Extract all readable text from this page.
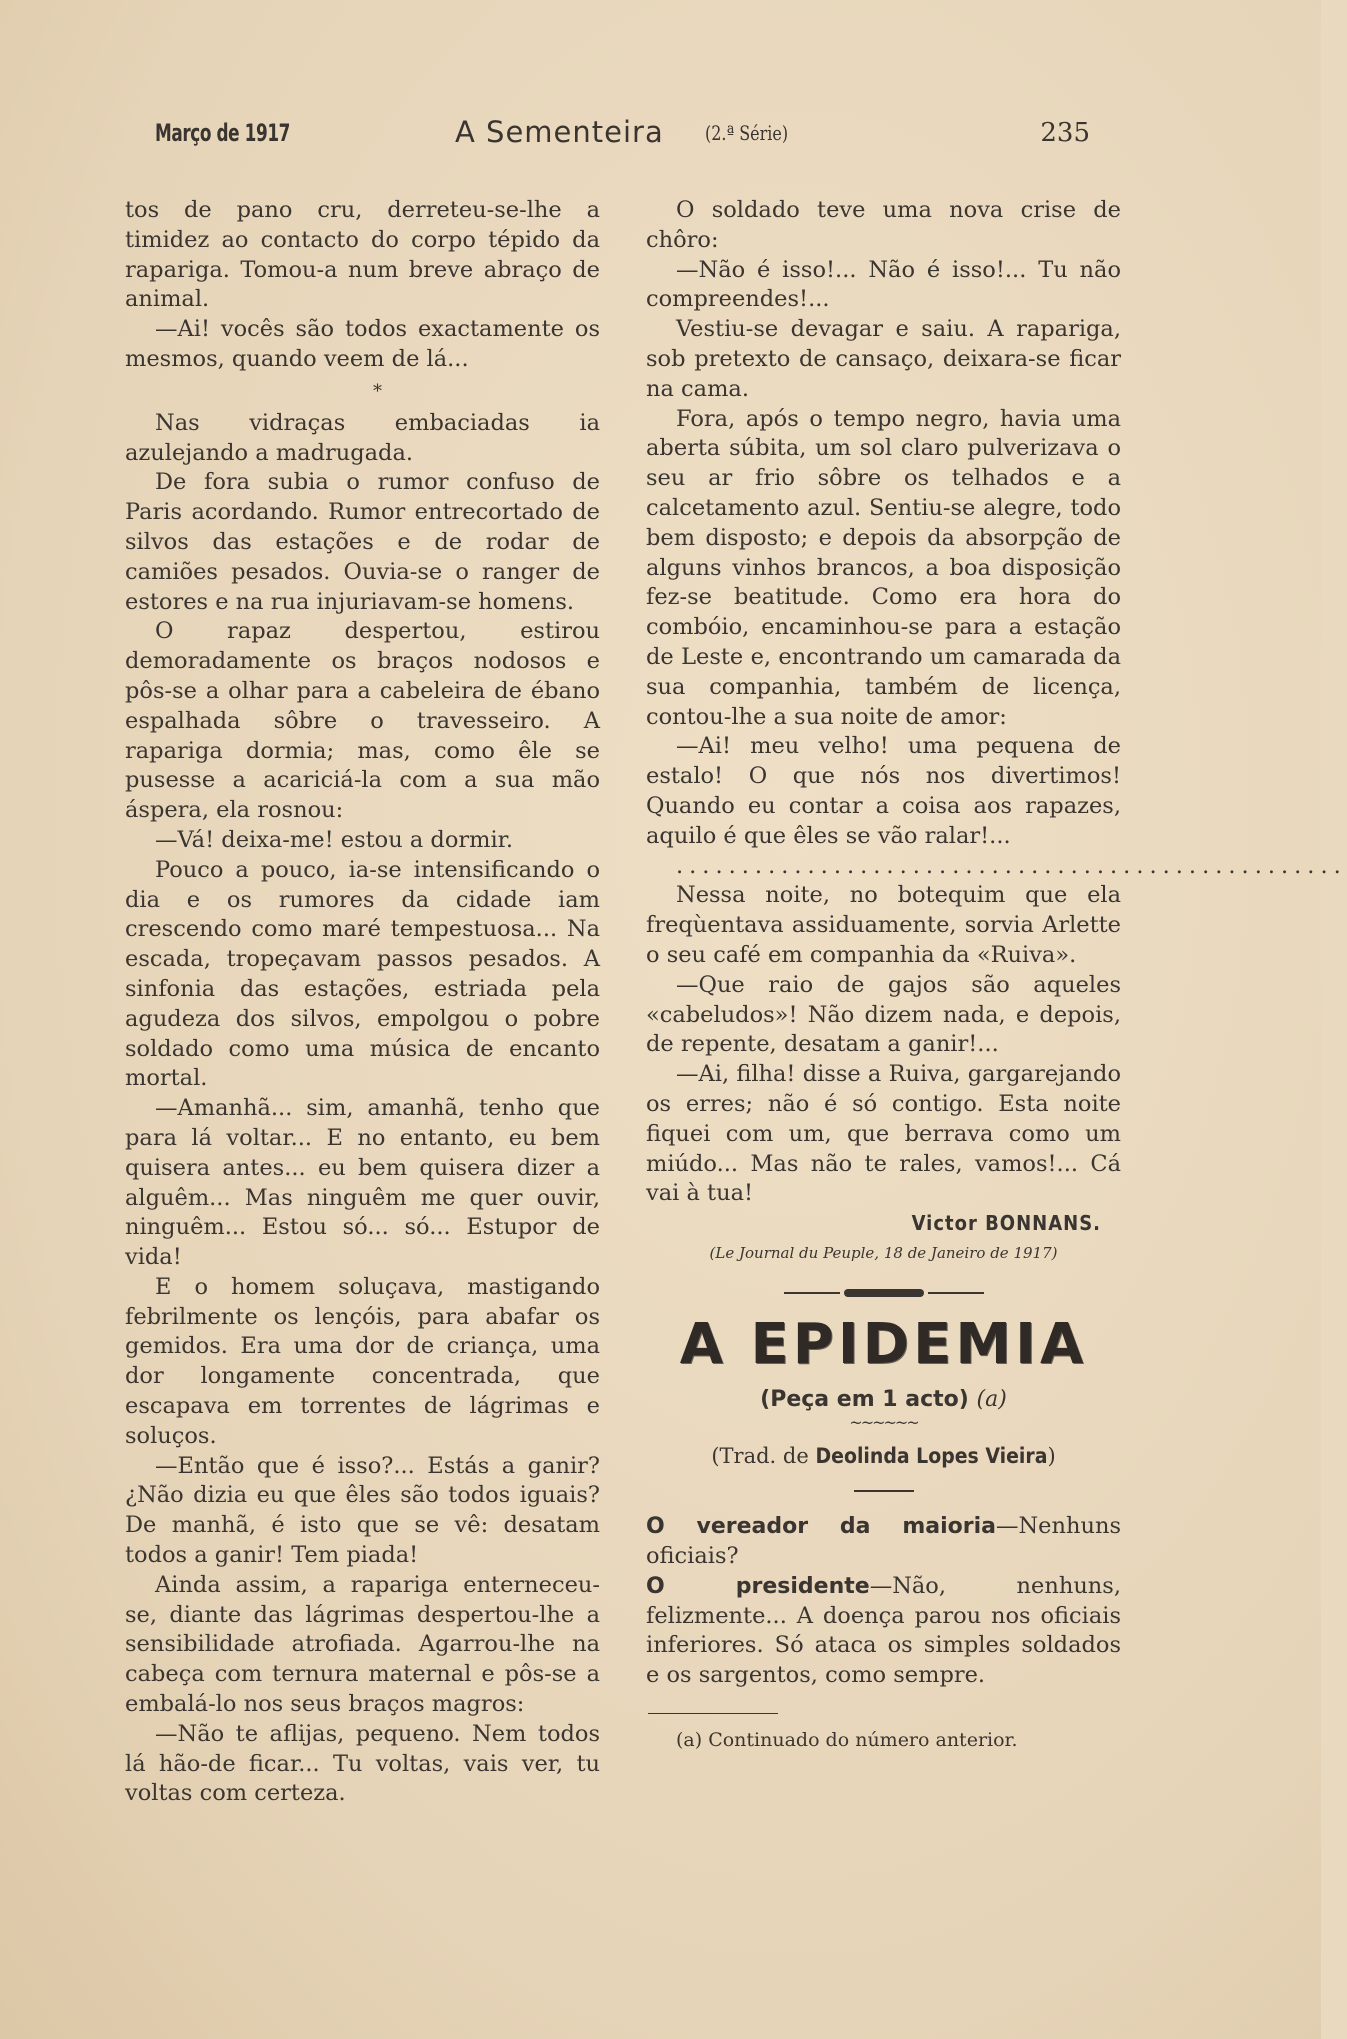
Março de 1917	A Sementeira (2.ª Série)	235

tos de pano cru, derreteu-se-lhe a timidez ao contacto do corpo tépido da rapariga. Tomou-a num breve abraço de animal.

—Ai! vocês são todos exactamente os mesmos, quando veem de lá...

*

Nas vidraças embaciadas ia azulejando a madrugada.

De fora subia o rumor confuso de Paris acordando. Rumor entrecortado de silvos das estações e de rodar de camiões pesados. Ouvia-se o ranger de estores e na rua injuriavam-se homens.

O rapaz despertou, estirou demoradamente os braços nodosos e pôs-se a olhar para a cabeleira de ébano espalhada sôbre o travesseiro. A rapariga dormia; mas, como êle se pusesse a acariciá-la com a sua mão áspera, ela rosnou:

—Vá! deixa-me! estou a dormir.

Pouco a pouco, ia-se intensificando o dia e os rumores da cidade iam crescendo como maré tempestuosa... Na escada, tropeçavam passos pesados. A sinfonia das estações, estriada pela agudeza dos silvos, empolgou o pobre soldado como uma música de encanto mortal.

—Amanhã... sim, amanhã, tenho que para lá voltar... E no entanto, eu bem quisera antes... eu bem quisera dizer a alguêm... Mas ninguêm me quer ouvir, ninguêm... Estou só... só... Estupor de vida!

E o homem soluçava, mastigando febrilmente os lençóis, para abafar os gemidos. Era uma dor de criança, uma dor longamente concentrada, que escapava em torrentes de lágrimas e soluços.

—Então que é isso?... Estás a ganir? ¿Não dizia eu que êles são todos iguais? De manhã, é isto que se vê: desatam todos a ganir! Tem piada!

Ainda assim, a rapariga enterneceu-se, diante das lágrimas despertou-lhe a sensibilidade atrofiada. Agarrou-lhe na cabeça com ternura maternal e pôs-se a embalá-lo nos seus braços magros:

—Não te aflijas, pequeno. Nem todos lá hão-de ficar... Tu voltas, vais ver, tu voltas com certeza.

O soldado teve uma nova crise de chôro:

—Não é isso!... Não é isso!... Tu não compreendes!...

Vestiu-se devagar e saiu. A rapariga, sob pretexto de cansaço, deixara-se ficar na cama.

Fora, após o tempo negro, havia uma aberta súbita, um sol claro pulverizava o seu ar frio sôbre os telhados e a calcetamento azul. Sentiu-se alegre, todo bem disposto; e depois da absorpção de alguns vinhos brancos, a boa disposição fez-se beatitude. Como era hora do combóio, encaminhou-se para a estação de Leste e, encontrando um camarada da sua companhia, também de licença, contou-lhe a sua noite de amor:

—Ai! meu velho! uma pequena de estalo! O que nós nos divertimos! Quando eu contar a coisa aos rapazes, aquilo é que êles se vão ralar!...

...................................................

Nessa noite, no botequim que ela freqùentava assiduamente, sorvia Arlette o seu café em companhia da «Ruiva».

—Que raio de gajos são aqueles «cabeludos»! Não dizem nada, e depois, de repente, desatam a ganir!...

—Ai, filha! disse a Ruiva, gargarejando os erres; não é só contigo. Esta noite fiquei com um, que berrava como um miúdo... Mas não te rales, vamos!... Cá vai à tua!

Victor BONNANS.

(Le Journal du Peuple, 18 de Janeiro de 1917)

A EPIDEMIA
(Peça em 1 acto) (a)
~~~~~~
(Trad. de Deolinda Lopes Vieira)

O vereador da maioria—Nenhuns oficiais?

O presidente—Não, nenhuns, felizmente... A doença parou nos oficiais inferiores. Só ataca os simples soldados e os sargentos, como sempre.

(a) Continuado do número anterior.
